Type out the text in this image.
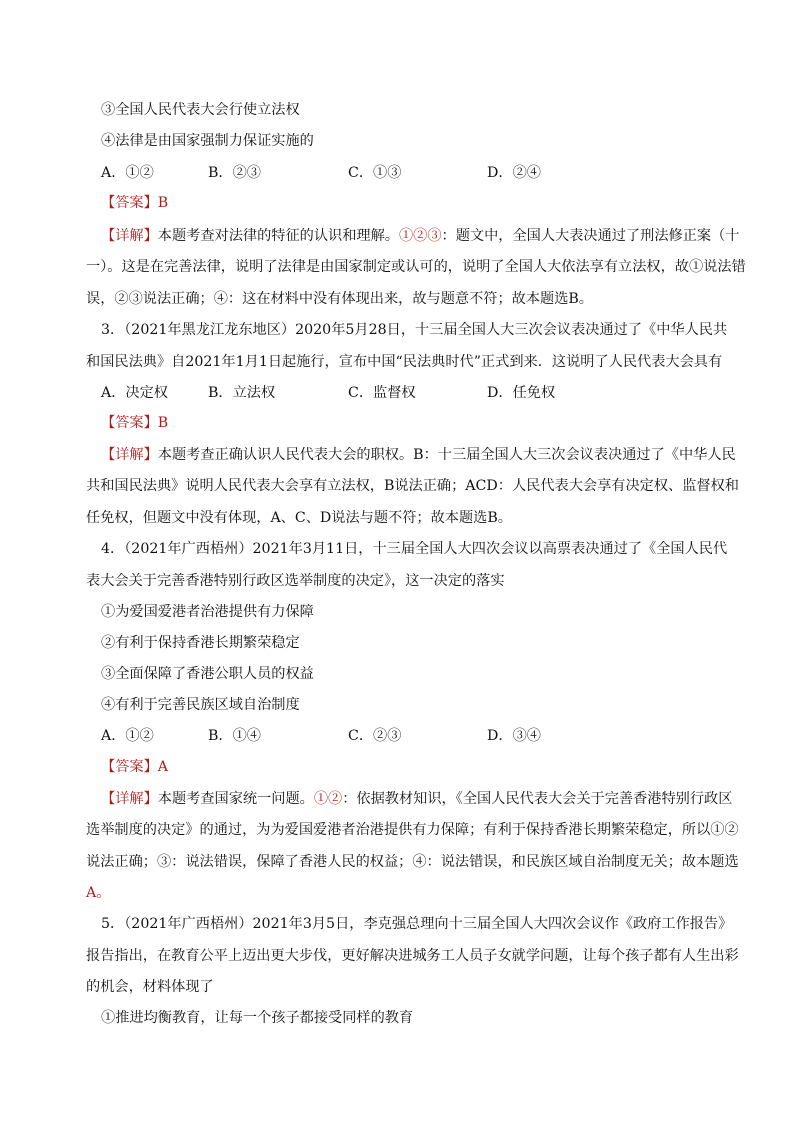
③全国人民代表大会行使立法权
④法律是由国家强制力保证实施的
A．①②	B．②③	C．①③	D．②④
【答案】B
【详解】本题考查对法律的特征的认识和理解。①②③：题文中，全国人大表决通过了刑法修正案（十
一）。这是在完善法律，说明了法律是由国家制定或认可的，说明了全国人大依法享有立法权，故①说法错
误，②③说法正确；④：这在材料中没有体现出来，故与题意不符；故本题选B。
3．（2021年黑龙江龙东地区）2020年5月28日，十三届全国人大三次会议表决通过了《中华人民共
和国民法典》自2021年1月1日起施行，宣布中国“民法典时代”正式到来．这说明了人民代表大会具有
A．决定权	B．立法权	C．监督权	D．任免权
【答案】B
【详解】本题考查正确认识人民代表大会的职权。B：十三届全国人大三次会议表决通过了《中华人民
共和国民法典》说明人民代表大会享有立法权，B说法正确；ACD：人民代表大会享有决定权、监督权和
任免权，但题文中没有体现，A、C、D说法与题不符；故本题选B。
4．（2021年广西梧州）2021年3月11日，十三届全国人大四次会议以高票表决通过了《全国人民代
表大会关于完善香港特别行政区选举制度的决定》，这一决定的落实
①为爱国爱港者治港提供有力保障
②有利于保持香港长期繁荣稳定
③全面保障了香港公职人员的权益
④有利于完善民族区域自治制度
A．①②	B．①④	C．②③	D．③④
【答案】A
【详解】本题考查国家统一问题。①②：依据教材知识，《全国人民代表大会关于完善香港特别行政区
选举制度的决定》的通过，为为爱国爱港者治港提供有力保障；有利于保持香港长期繁荣稳定，所以①②
说法正确；③：说法错误，保障了香港人民的权益；④：说法错误，和民族区域自治制度无关；故本题选
A。
5．（2021年广西梧州）2021年3月5日，李克强总理向十三届全国人大四次会议作《政府工作报告》
报告指出，在教育公平上迈出更大步伐，更好解决进城务工人员子女就学问题，让每个孩子都有人生出彩
的机会，材料体现了
①推进均衡教育，让每一个孩子都接受同样的教育
